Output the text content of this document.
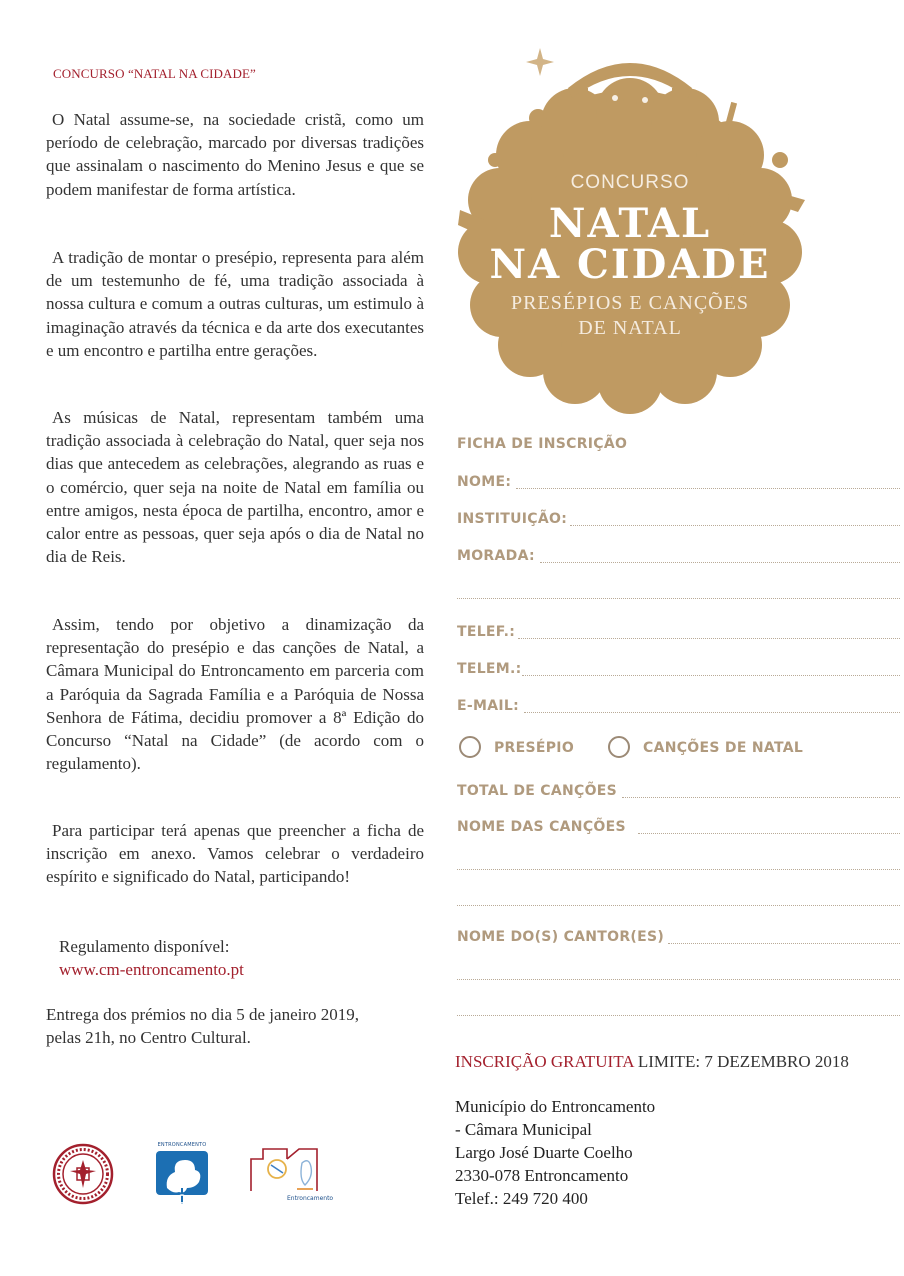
CONCURSO “NATAL NA CIDADE”
O Natal assume-se, na sociedade cristã, como um período de celebração, marcado por diversas tradições que assinalam o nascimento do Menino Jesus e que se podem manifestar de forma artística.
A tradição de montar o presépio, representa para além de um testemunho de fé, uma tradição associada à nossa cultura e comum a outras culturas, um estimulo à imaginação através da técnica e da arte dos executantes e um encontro e partilha entre gerações.
As músicas de Natal, representam também uma tradição associada à celebração do Natal, quer seja nos dias que antecedem as celebrações, alegrando as ruas e o comércio, quer seja na noite de Natal em família ou entre amigos, nesta época de partilha, encontro, amor e calor entre as pessoas, quer seja após o dia de Natal no dia de Reis.
Assim, tendo por objetivo a dinamização da representação do presépio e das canções de Natal, a Câmara Municipal do Entroncamento em parceria com a Paróquia da Sagrada Família e a Paróquia de Nossa Senhora de Fátima, decidiu promover a 8ª Edição do Concurso “Natal na Cidade” (de acordo com o regulamento).
Para participar terá apenas que preencher a ficha de inscrição em anexo. Vamos celebrar o verdadeiro espírito e significado do Natal, participando!
Regulamento disponível:
www.cm-entroncamento.pt
Entrega dos prémios no dia 5 de janeiro 2019,
pelas 21h, no Centro Cultural.
CONCURSO
NATAL
NA CIDADE
PRESÉPIOS E CANÇÕES
DE NATAL
FICHA DE INSCRIÇÃO
NOME:
INSTITUIÇÃO:
MORADA:
TELEF.:
TELEM.:
E-MAIL:
PRESÉPIO	CANÇÕES DE NATAL
TOTAL DE CANÇÕES
NOME DAS CANÇÕES
NOME DO(S) CANTOR(ES)
INSCRIÇÃO GRATUITA LIMITE: 7 DEZEMBRO 2018
Município do Entroncamento
- Câmara Municipal
Largo José Duarte Coelho
2330-078 Entroncamento
Telef.: 249 720 400
ENTRONCAMENTO
Entroncamento
